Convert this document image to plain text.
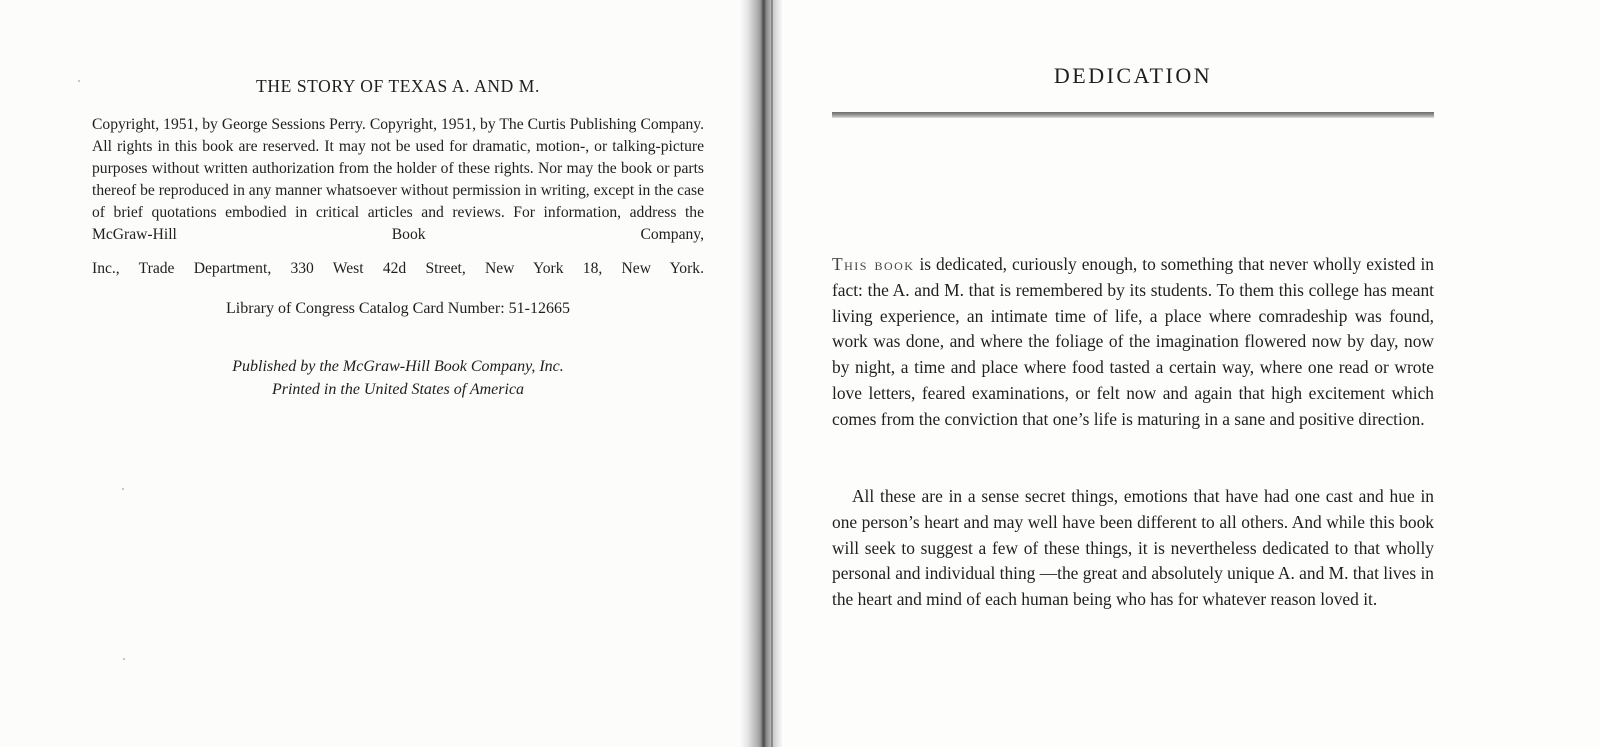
THE STORY OF TEXAS A. AND M.

Copyright, 1951, by George Sessions Perry. Copyright, 1951, by The Curtis Publishing Company. All rights in this book are reserved. It may not be used for dramatic, motion-, or talking-picture purposes without written authorization from the holder of these rights. Nor may the book or parts thereof be reproduced in any manner whatsoever without permission in writing, except in the case of brief quotations embodied in critical articles and reviews. For information, address the McGraw-Hill Book Company,

Inc., Trade Department, 330 West 42d Street, New York 18, New York.

Library of Congress Catalog Card Number: 51-12665
Published by the McGraw-Hill Book Company, Inc.
Printed in the United States of America
DEDICATION

This book is dedicated, curiously enough, to something that never wholly existed in fact: the A. and M. that is remembered by its students. To them this college has meant living experience, an intimate time of life, a place where comradeship was found, work was done, and where the foliage of the imagination flowered now by day, now by night, a time and place where food tasted a certain way, where one read or wrote love letters, feared examinations, or felt now and again that high excitement which comes from the conviction that one’s life is maturing in a sane and positive direction.

All these are in a sense secret things, emotions that have had one cast and hue in one person’s heart and may well have been different to all others. And while this book will seek to suggest a few of these things, it is nevertheless dedicated to that wholly personal and individual thing —the great and absolutely unique A. and M. that lives in the heart and mind of each human being who has for whatever reason loved it.
